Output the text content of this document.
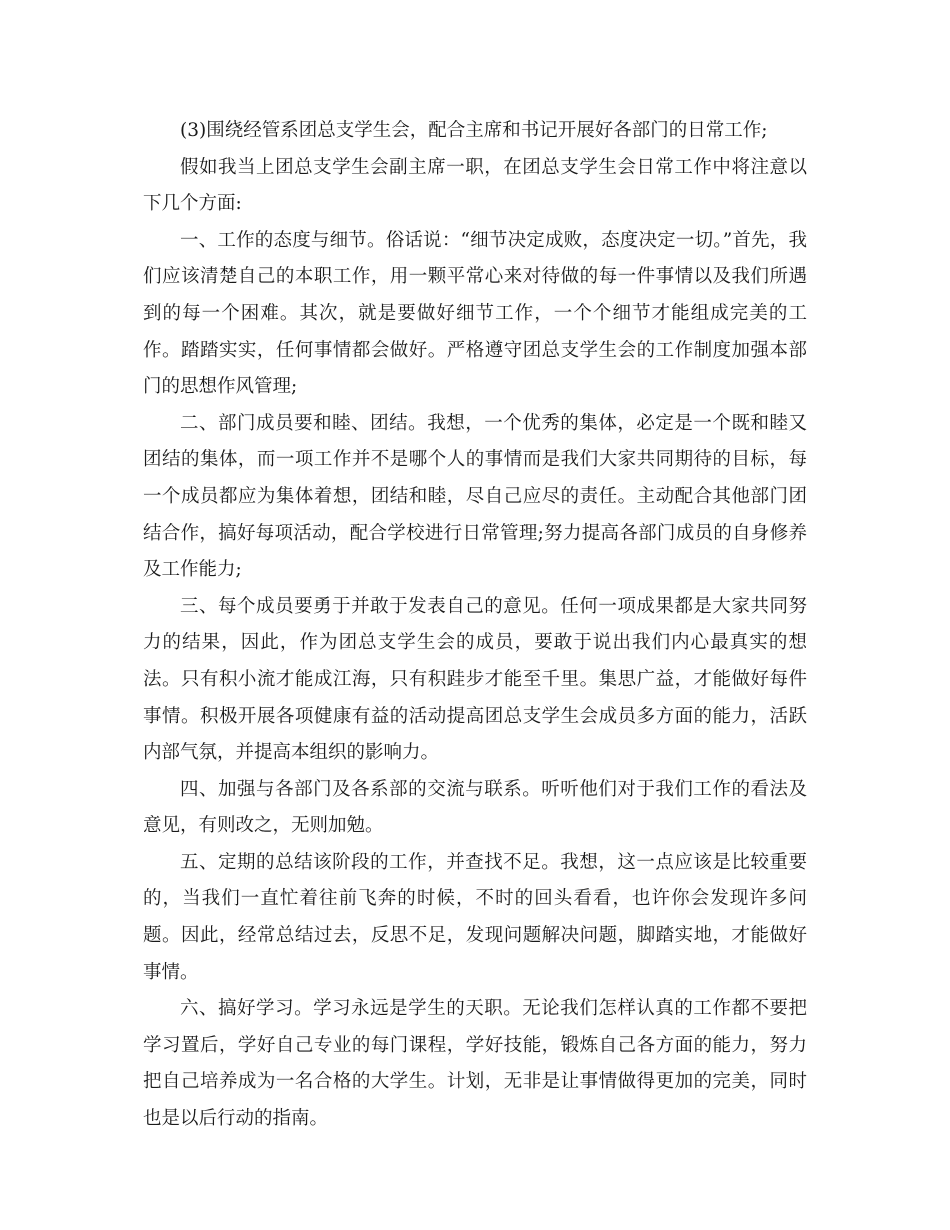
(3)围绕经管系团总支学生会，配合主席和书记开展好各部门的日常工作;

假如我当上团总支学生会副主席一职，在团总支学生会日常工作中将注意以下几个方面:

一、工作的态度与细节。俗话说：“细节决定成败，态度决定一切。”首先，我们应该清楚自己的本职工作，用一颗平常心来对待做的每一件事情以及我们所遇到的每一个困难。其次，就是要做好细节工作，一个个细节才能组成完美的工作。踏踏实实，任何事情都会做好。严格遵守团总支学生会的工作制度加强本部门的思想作风管理;

二、部门成员要和睦、团结。我想，一个优秀的集体，必定是一个既和睦又团结的集体，而一项工作并不是哪个人的事情而是我们大家共同期待的目标，每一个成员都应为集体着想，团结和睦，尽自己应尽的责任。主动配合其他部门团结合作，搞好每项活动，配合学校进行日常管理;努力提高各部门成员的自身修养及工作能力;

三、每个成员要勇于并敢于发表自己的意见。任何一项成果都是大家共同努力的结果，因此，作为团总支学生会的成员，要敢于说出我们内心最真实的想法。只有积小流才能成江海，只有积跬步才能至千里。集思广益，才能做好每件事情。积极开展各项健康有益的活动提高团总支学生会成员多方面的能力，活跃内部气氛，并提高本组织的影响力。

四、加强与各部门及各系部的交流与联系。听听他们对于我们工作的看法及意见，有则改之，无则加勉。

五、定期的总结该阶段的工作，并查找不足。我想，这一点应该是比较重要的，当我们一直忙着往前飞奔的时候，不时的回头看看，也许你会发现许多问题。因此，经常总结过去，反思不足，发现问题解决问题，脚踏实地，才能做好事情。

六、搞好学习。学习永远是学生的天职。无论我们怎样认真的工作都不要把学习置后，学好自己专业的每门课程，学好技能，锻炼自己各方面的能力，努力把自己培养成为一名合格的大学生。计划，无非是让事情做得更加的完美，同时也是以后行动的指南。
